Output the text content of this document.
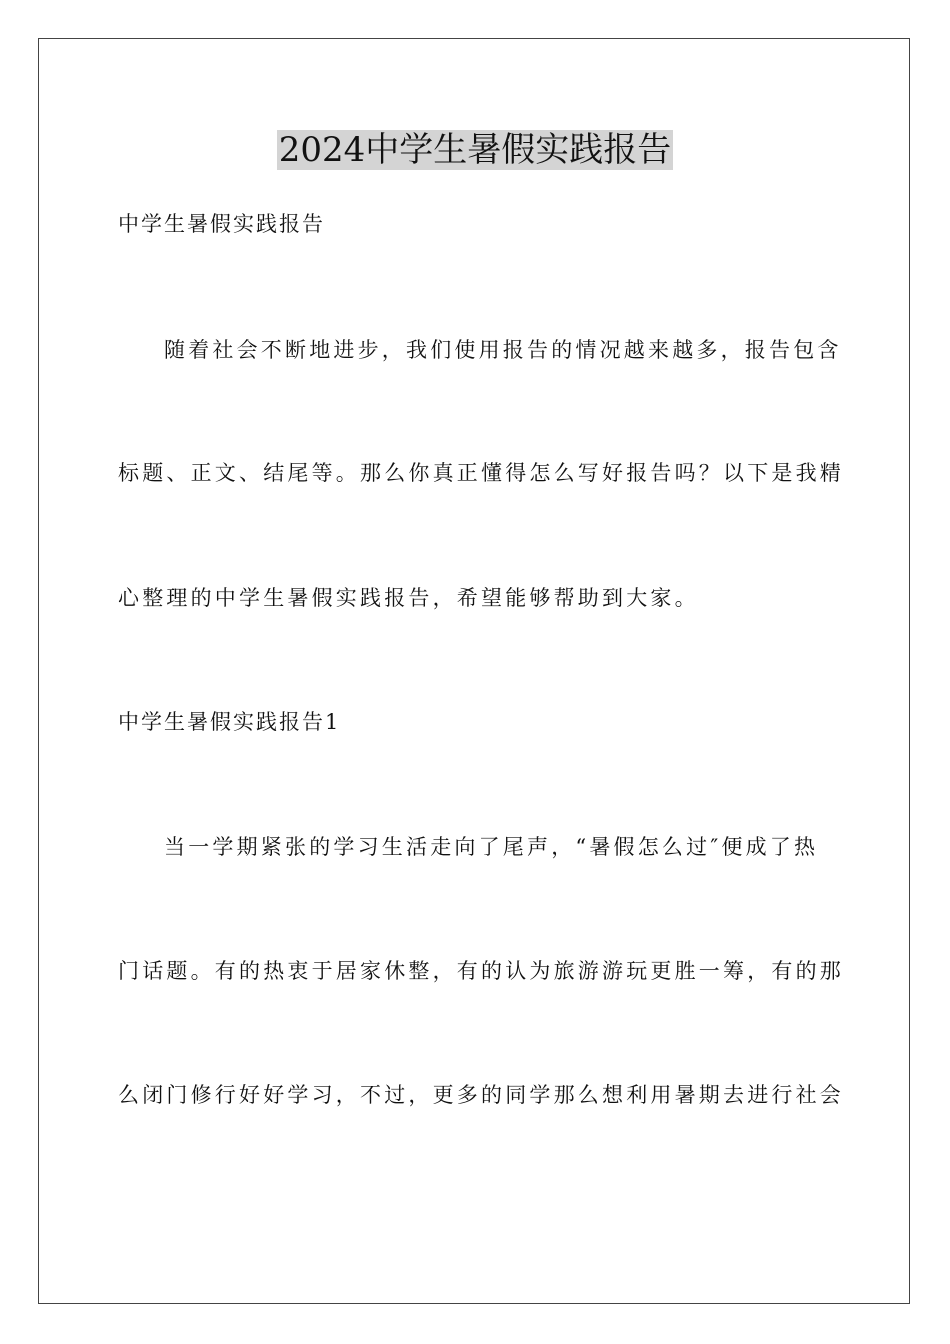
2024中学生暑假实践报告

中学生暑假实践报告

随着社会不断地进步，我们使用报告的情况越来越多，报告包含

标题、正文、结尾等。那么你真正懂得怎么写好报告吗？以下是我精

心整理的中学生暑假实践报告，希望能够帮助到大家。

中学生暑假实践报告1

当一学期紧张的学习生活走向了尾声，“暑假怎么过″便成了热

门话题。有的热衷于居家休整，有的认为旅游游玩更胜一筹，有的那

么闭门修行好好学习，不过，更多的同学那么想利用暑期去进行社会
